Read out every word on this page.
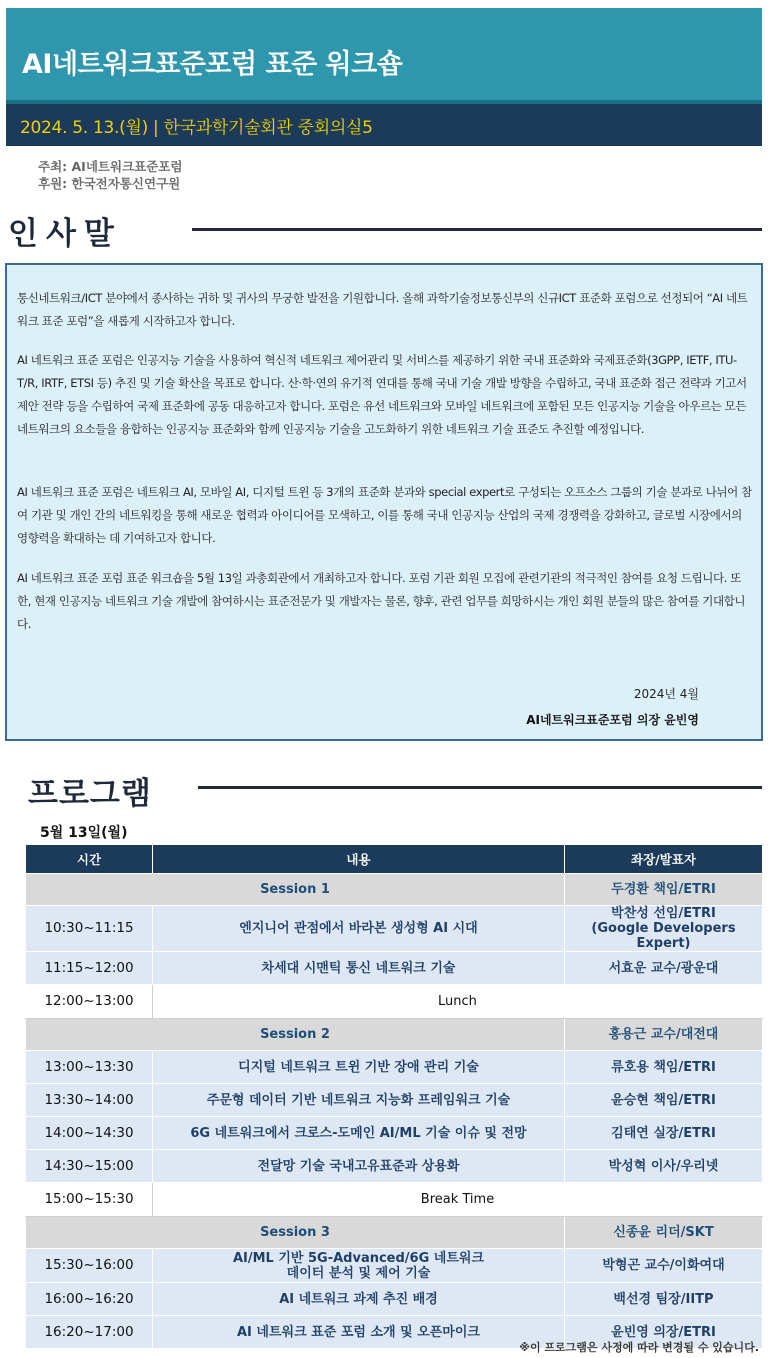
AI네트워크표준포럼 표준 워크숍
2024. 5. 13.(월) | 한국과학기술회관 중회의실5
주최: AI네트워크표준포럼
후원: 한국전자통신연구원
인사말

통신네트워크/ICT 분야에서 종사하는 귀하 및 귀사의 무궁한 발전을 기원합니다. 올해 과학기술정보통신부의 신규ICT 표준화 포럼으로 선정되어 “AI 네트워크 표준 포럼”을 새롭게 시작하고자 합니다.

AI 네트워크 표준 포럼은 인공지능 기술을 사용하여 혁신적 네트워크 제어관리 및 서비스를 제공하기 위한 국내 표준화와 국제표준화(3GPP, IETF, ITU-T/R, IRTF, ETSI 등) 추진 및 기술 확산을 목표로 합니다. 산·학·연의 유기적 연대를 통해 국내 기술 개발 방향을 수립하고, 국내 표준화 접근 전략과 기고서 제안 전략 등을 수립하여 국제 표준화에 공동 대응하고자 합니다. 포럼은 유선 네트워크와 모바일 네트워크에 포함된 모든 인공지능 기술을 아우르는 모든 네트워크의 요소들을 융합하는 인공지능 표준화와 함께 인공지능 기술을 고도화하기 위한 네트워크 기술 표준도 추진할 예정입니다.

AI 네트워크 표준 포럼은 네트워크 AI, 모바일 AI, 디지털 트윈 등 3개의 표준화 분과와 special expert로 구성되는 오프소스 그룹의 기술 분과로 나뉘어 참여 기관 및 개인 간의 네트워킹을 통해 새로운 협력과 아이디어를 모색하고, 이를 통해 국내 인공지능 산업의 국제 경쟁력을 강화하고, 글로벌 시장에서의 영향력을 확대하는 데 기여하고자 합니다.

AI 네트워크 표준 포럼 표준 워크숍을 5월 13일 과총회관에서 개최하고자 합니다. 포럼 기관 회원 모집에 관련기관의 적극적인 참여를 요청 드립니다. 또한, 현재 인공지능 네트워크 기술 개발에 참여하시는 표준전문가 및 개발자는 물론, 향후, 관련 업무를 희망하시는 개인 회원 분들의 많은 참여를 기대합니다.

2024년 4월
AI네트워크표준포럼 의장 윤빈영
프로그램
5월 13일(월)
시간	내용	좌장/발표자
Session 1		두경환 책임/ETRI
10:30~11:15	엔지니어 관점에서 바라본 생성형 AI 시대	박찬성 선임/ETRI
(Google Developers Expert)
11:15~12:00	차세대 시맨틱 통신 네트워크 기술	서효운 교수/광운대
12:00~13:00	Lunch	
Session 2		홍용근 교수/대전대
13:00~13:30	디지털 네트워크 트윈 기반 장애 관리 기술	류호용 책임/ETRI
13:30~14:00	주문형 데이터 기반 네트워크 지능화 프레임워크 기술	윤승현 책임/ETRI
14:00~14:30	6G 네트워크에서 크로스-도메인 AI/ML 기술 이슈 및 전망	김태연 실장/ETRI
14:30~15:00	전달망 기술 국내고유표준과 상용화	박성혁 이사/우리넷
15:00~15:30	Break Time	
Session 3		신종윤 리더/SKT
15:30~16:00	AI/ML 기반 5G-Advanced/6G 네트워크
데이터 분석 및 제어 기술	박형곤 교수/이화여대
16:00~16:20	AI 네트워크 과제 추진 배경	백선경 팀장/IITP
16:20~17:00	AI 네트워크 표준 포럼 소개 및 오픈마이크	윤빈영 의장/ETRI
※이 프로그램은 사정에 따라 변경될 수 있습니다.
